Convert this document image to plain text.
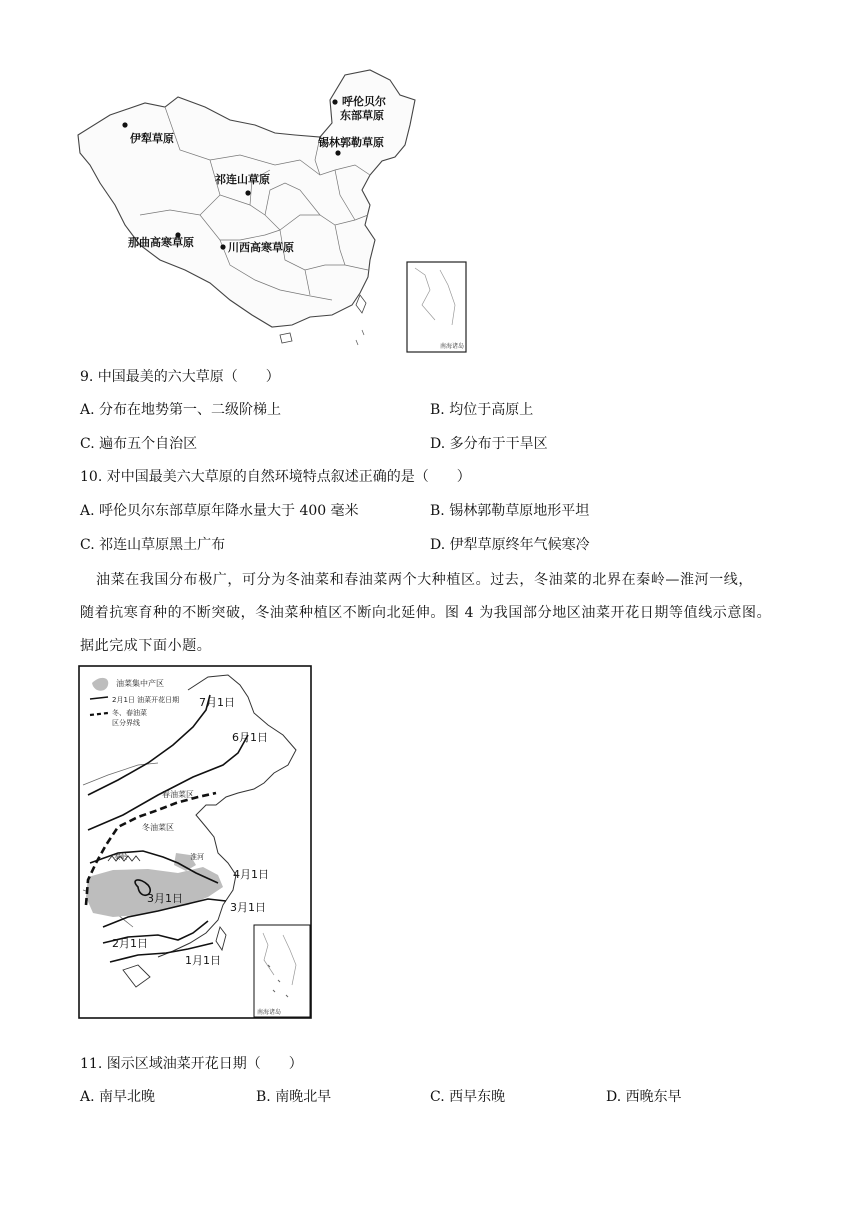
呼伦贝尔
东部草原
锡林郭勒草原
伊犁草原
祁连山草原
那曲高寒草原	川西高寒草原
南海诸岛
9. 中国最美的六大草原（　　）
A. 分布在地势第一、二级阶梯上	B. 均位于高原上
C. 遍布五个自治区	D. 多分布于干旱区
10. 对中国最美六大草原的自然环境特点叙述正确的是（　　）
A. 呼伦贝尔东部草原年降水量大于 400 毫米	B. 锡林郭勒草原地形平坦
C. 祁连山草原黑土广布	D. 伊犁草原终年气候寒冷
油菜在我国分布极广，可分为冬油菜和春油菜两个大种植区。过去，冬油菜的北界在秦岭—淮河一线，
随着抗寒育种的不断突破，冬油菜种植区不断向北延伸。图 4 为我国部分地区油菜开花日期等值线示意图。
据此完成下面小题。
油菜集中产区
2月1日 油菜开花日期
冬、春油菜
区分界线
7月1日
6月1日
4月1日
3月1日
3月1日
2月1日
1月1日
春油菜区
冬油菜区
秦岭	淮河
南海诸岛
11. 图示区域油菜开花日期（　　）
A. 南早北晚	B. 南晚北早	C. 西早东晚	D. 西晚东早
